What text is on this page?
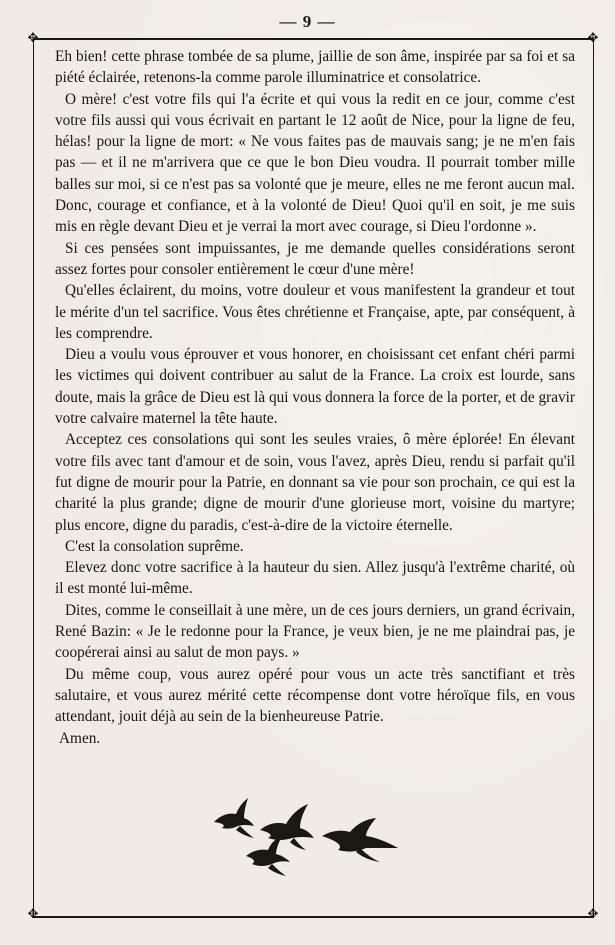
— 9 —
✥	✥
✥	✥

Eh bien! cette phrase tombée de sa plume, jaillie de son âme, inspirée par sa foi et sa piété éclairée, retenons-la comme parole illuminatrice et consolatrice.

O mère! c'est votre fils qui l'a écrite et qui vous la redit en ce jour, comme c'est votre fils aussi qui vous écrivait en partant le 12 août de Nice, pour la ligne de feu, hélas! pour la ligne de mort: « Ne vous faites pas de mauvais sang; je ne m'en fais pas — et il ne m'arrivera que ce que le bon Dieu voudra. Il pourrait tomber mille balles sur moi, si ce n'est pas sa volonté que je meure, elles ne me feront aucun mal. Donc, courage et confiance, et à la volonté de Dieu! Quoi qu'il en soit, je me suis mis en règle devant Dieu et je verrai la mort avec courage, si Dieu l'ordonne ».

Si ces pensées sont impuissantes, je me demande quelles considérations seront assez fortes pour consoler entièrement le cœur d'une mère!

Qu'elles éclairent, du moins, votre douleur et vous manifestent la grandeur et tout le mérite d'un tel sacrifice. Vous êtes chrétienne et Française, apte, par conséquent, à les comprendre.

Dieu a voulu vous éprouver et vous honorer, en choisissant cet enfant chéri parmi les victimes qui doivent contribuer au salut de la France. La croix est lourde, sans doute, mais la grâce de Dieu est là qui vous donnera la force de la porter, et de gravir votre calvaire maternel la tête haute.

Acceptez ces consolations qui sont les seules vraies, ô mère éplorée! En élevant votre fils avec tant d'amour et de soin, vous l'avez, après Dieu, rendu si parfait qu'il fut digne de mourir pour la Patrie, en donnant sa vie pour son prochain, ce qui est la charité la plus grande; digne de mourir d'une glorieuse mort, voisine du martyre; plus encore, digne du paradis, c'est-à-dire de la victoire éternelle.

C'est la consolation suprême.

Elevez donc votre sacrifice à la hauteur du sien. Allez jusqu'à l'extrême charité, où il est monté lui-même.

Dites, comme le conseillait à une mère, un de ces jours derniers, un grand écrivain, René Bazin: « Je le redonne pour la France, je veux bien, je ne me plaindrai pas, je coopérerai ainsi au salut de mon pays. »

Du même coup, vous aurez opéré pour vous un acte très sanctifiant et très salutaire, et vous aurez mérité cette récompense dont votre héroïque fils, en vous attendant, jouit déjà au sein de la bienheureuse Patrie.

Amen.
